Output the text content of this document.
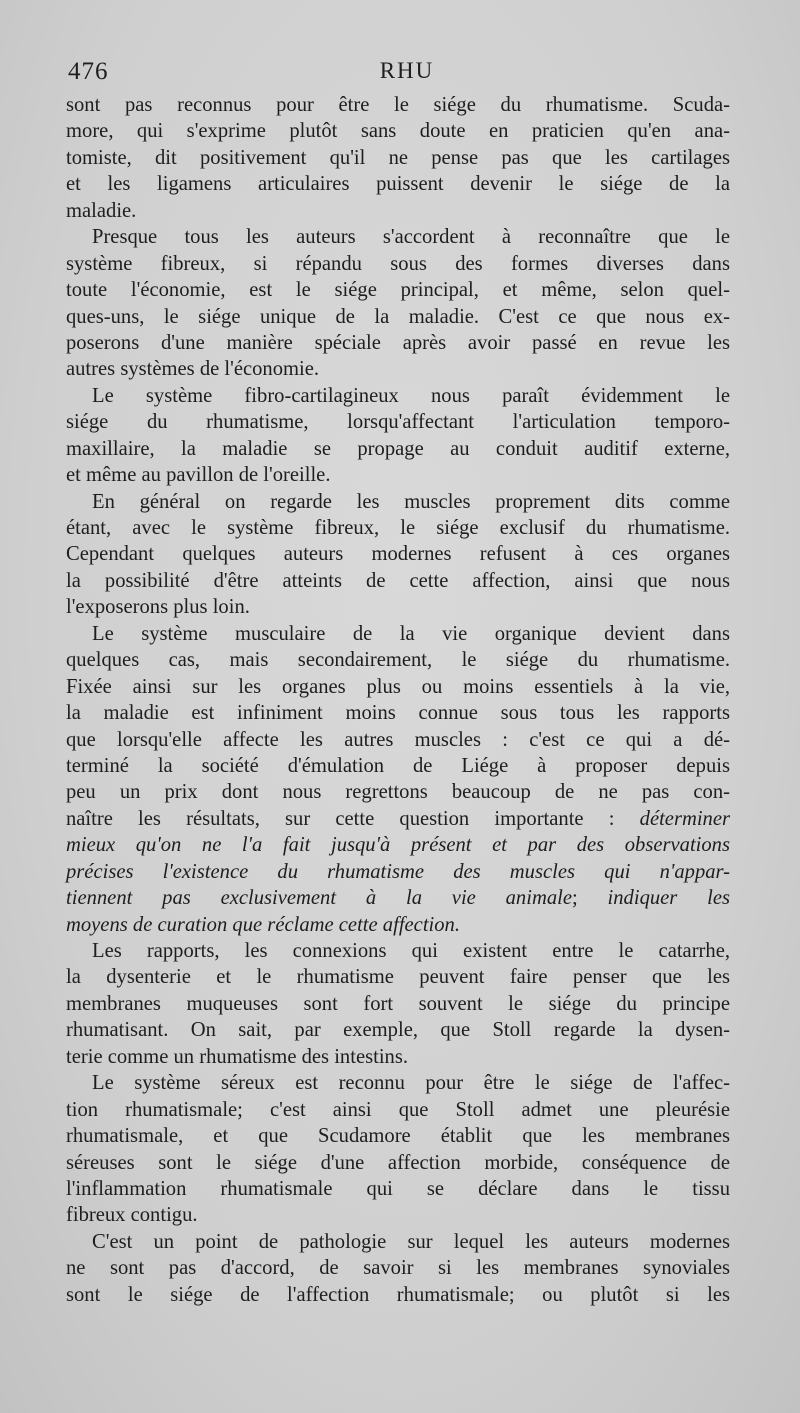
476	RHU
sont pas reconnus pour être le siége du rhumatisme. Scuda-
more, qui s'exprime plutôt sans doute en praticien qu'en ana-
tomiste, dit positivement qu'il ne pense pas que les cartilages
et les ligamens articulaires puissent devenir le siége de la
maladie.
Presque tous les auteurs s'accordent à reconnaître que le
système fibreux, si répandu sous des formes diverses dans
toute l'économie, est le siége principal, et même, selon quel-
ques-uns, le siége unique de la maladie. C'est ce que nous ex-
poserons d'une manière spéciale après avoir passé en revue les
autres systèmes de l'économie.
Le système fibro-cartilagineux nous paraît évidemment le
siége du rhumatisme, lorsqu'affectant l'articulation temporo-
maxillaire, la maladie se propage au conduit auditif externe,
et même au pavillon de l'oreille.
En général on regarde les muscles proprement dits comme
étant, avec le système fibreux, le siége exclusif du rhumatisme.
Cependant quelques auteurs modernes refusent à ces organes
la possibilité d'être atteints de cette affection, ainsi que nous
l'exposerons plus loin.
Le système musculaire de la vie organique devient dans
quelques cas, mais secondairement, le siége du rhumatisme.
Fixée ainsi sur les organes plus ou moins essentiels à la vie,
la maladie est infiniment moins connue sous tous les rapports
que lorsqu'elle affecte les autres muscles : c'est ce qui a dé-
terminé la société d'émulation de Liége à proposer depuis
peu un prix dont nous regrettons beaucoup de ne pas con-
naître les résultats, sur cette question importante : déterminer
mieux qu'on ne l'a fait jusqu'à présent et par des observations
précises l'existence du rhumatisme des muscles qui n'appar-
tiennent pas exclusivement à la vie animale; indiquer les
moyens de curation que réclame cette affection.
Les rapports, les connexions qui existent entre le catarrhe,
la dysenterie et le rhumatisme peuvent faire penser que les
membranes muqueuses sont fort souvent le siége du principe
rhumatisant. On sait, par exemple, que Stoll regarde la dysen-
terie comme un rhumatisme des intestins.
Le système séreux est reconnu pour être le siége de l'affec-
tion rhumatismale; c'est ainsi que Stoll admet une pleurésie
rhumatismale, et que Scudamore établit que les membranes
séreuses sont le siége d'une affection morbide, conséquence de
l'inflammation rhumatismale qui se déclare dans le tissu
fibreux contigu.
C'est un point de pathologie sur lequel les auteurs modernes
ne sont pas d'accord, de savoir si les membranes synoviales
sont le siége de l'affection rhumatismale; ou plutôt si les
